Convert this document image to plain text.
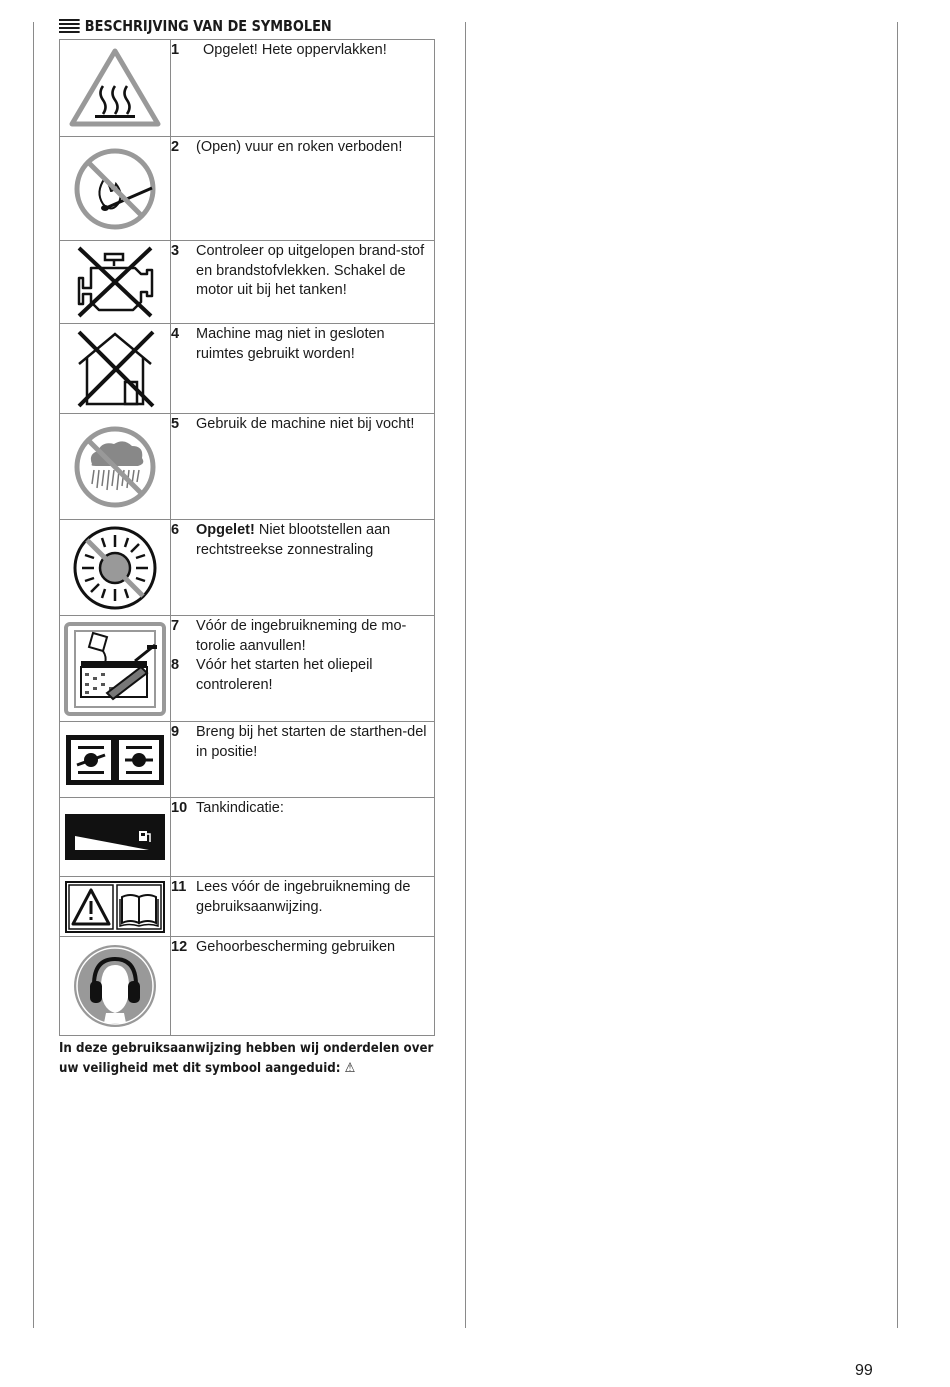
BESCHRIJVING VAN DE SYMBOLEN

1 Opgelet! Hete oppervlakken!

2 (Open) vuur en roken verboden!

3 Controleer op uitgelopen brand-stof en brandstofvlekken. Schakel de motor uit bij het tanken!

4 Machine mag niet in gesloten ruimtes gebruikt worden!

5 Gebruik de machine niet bij vocht!

6 Opgelet! Niet blootstellen aan rechtstreekse zonnestraling

7 Vóór de ingebruikneming de mo-torolie aanvullen!
8 Vóór het starten het oliepeil controleren!

9 Breng bij het starten de starthen-del in positie!

10 Tankindicatie:

11 Lees vóór de ingebruikneming de gebruiksaanwijzing.

12 Gehoorbescherming gebruiken
In deze gebruiksaanwijzing hebben wij onderdelen over uw veiligheid met dit symbool aangeduid: ⚠
99
